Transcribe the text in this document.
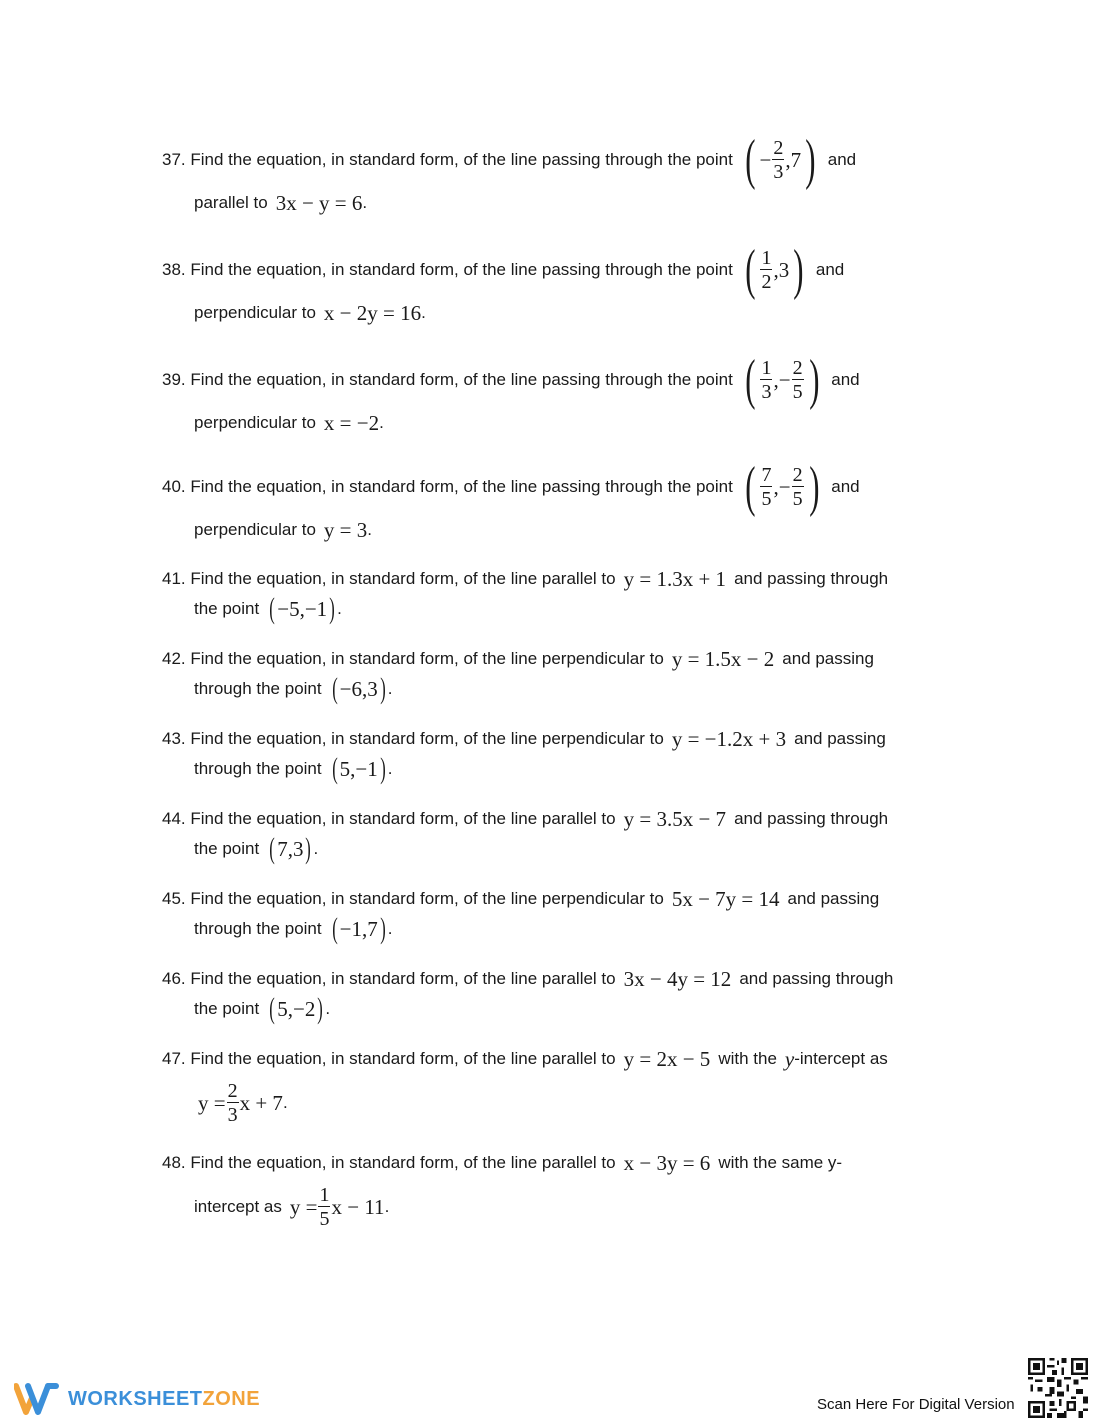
37. Find the equation, in standard form, of the line passing through the point ( − $\frac{2}{3}$ , 7 ) and
parallel to 3x − y = 6 .
38. Find the equation, in standard form, of the line passing through the point ( $\frac{1}{2}$ , 3 ) and
perpendicular to x − 2y = 16 .
39. Find the equation, in standard form, of the line passing through the point ( $\frac{1}{3}$ , − $\frac{2}{5}$ ) and
perpendicular to x = −2 .
40. Find the equation, in standard form, of the line passing through the point ( $\frac{7}{5}$ , − $\frac{2}{5}$ ) and
perpendicular to y = 3 .
41. Find the equation, in standard form, of the line parallel to y = 1.3x + 1 and passing through
the point ( −5,−1 ) .
42. Find the equation, in standard form, of the line perpendicular to y = 1.5x − 2 and passing
through the point ( −6,3 ) .
43. Find the equation, in standard form, of the line perpendicular to y = −1.2x + 3 and passing
through the point ( 5,−1 ) .
44. Find the equation, in standard form, of the line parallel to y = 3.5x − 7 and passing through
the point ( 7,3 ) .
45. Find the equation, in standard form, of the line perpendicular to 5x − 7y = 14 and passing
through the point ( −1,7 ) .
46. Find the equation, in standard form, of the line parallel to 3x − 4y = 12 and passing through
the point ( 5,−2 ) .
47. Find the equation, in standard form, of the line parallel to y = 2x − 5 with the y -intercept as
$y = \frac{2}{3}$ x + 7 .
48. Find the equation, in standard form, of the line parallel to x − 3y = 6 with the same y-
intercept as $y = \frac{1}{5}$ x − 11 .
WORKSHEETZONE	Scan Here For Digital Version
